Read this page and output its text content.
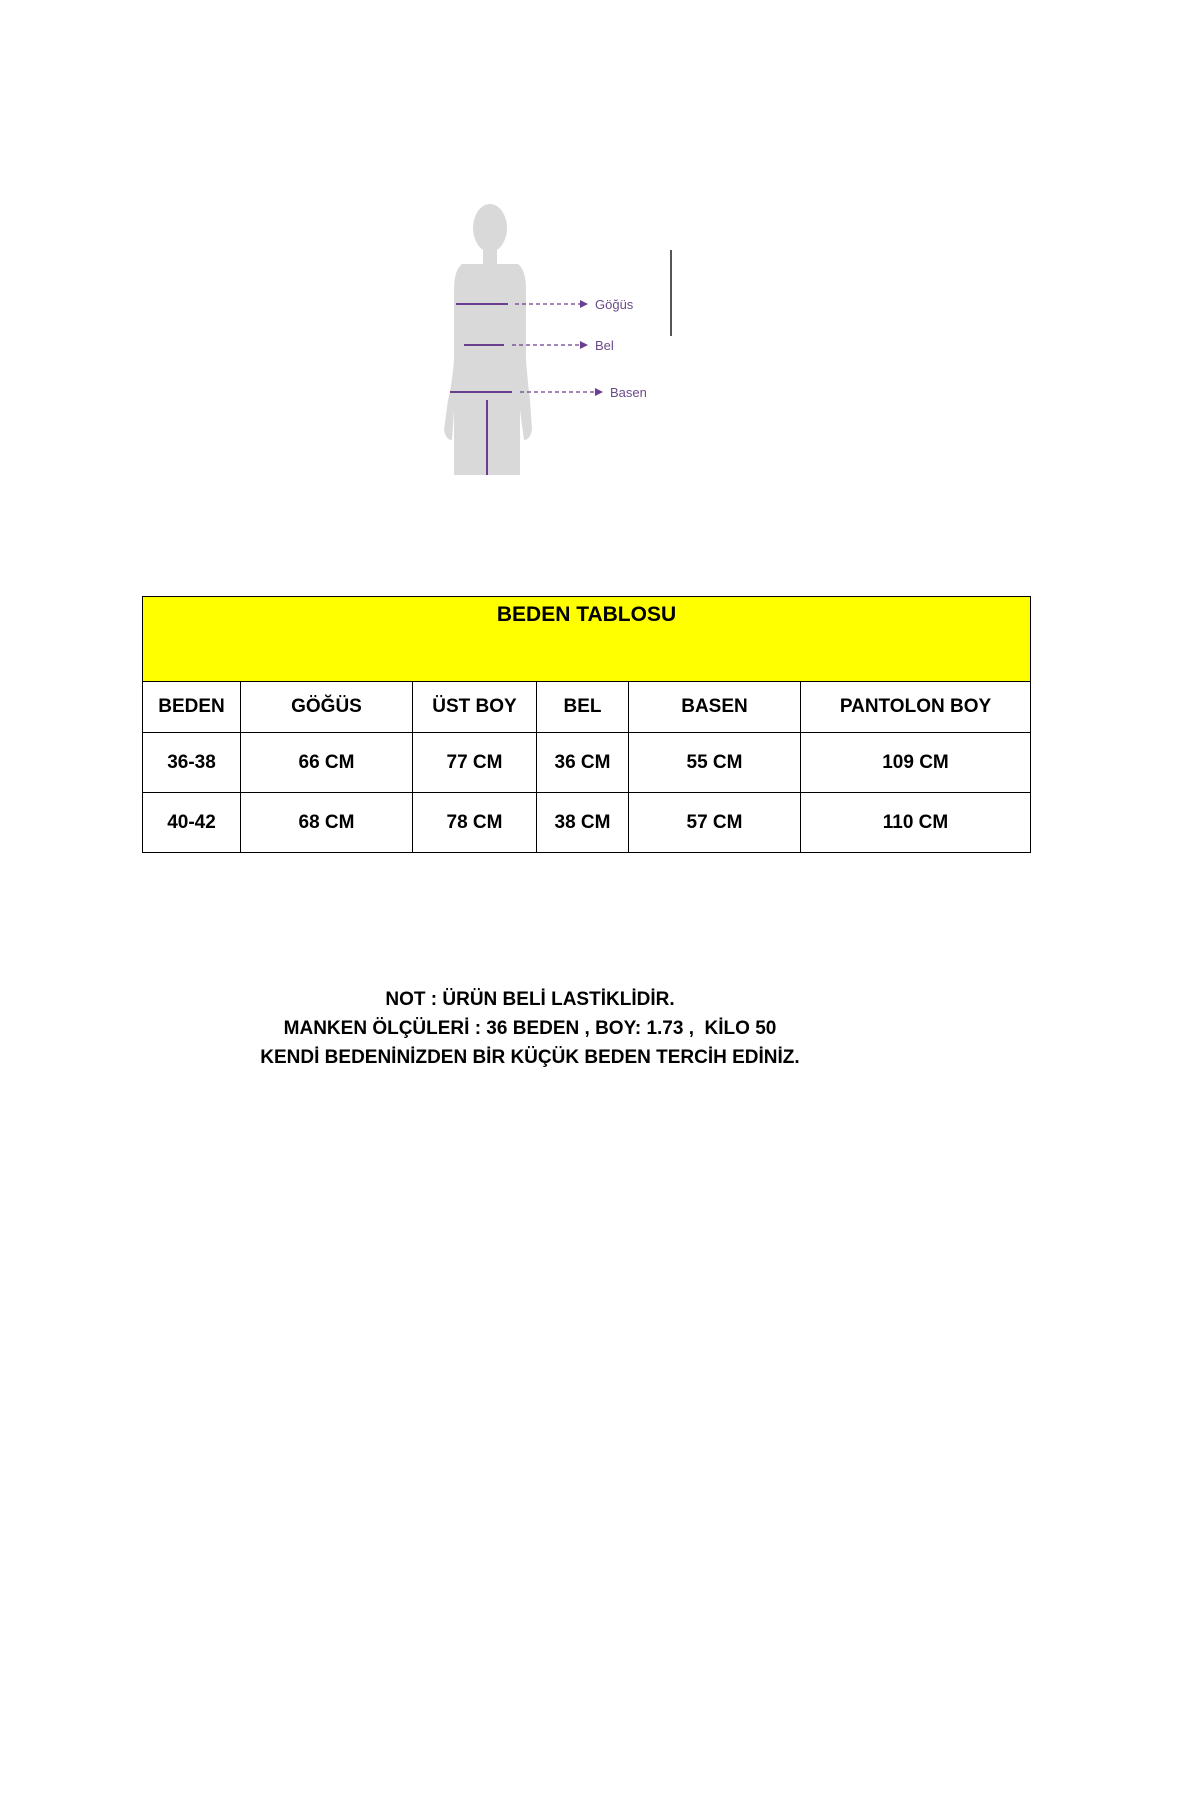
Göğüs
Bel
Basen
BEDEN TABLOSU					
BEDEN	GÖĞÜS	ÜST BOY	BEL	BASEN	PANTOLON BOY
36-38	66 CM	77 CM	36 CM	55 CM	109 CM
40-42	68 CM	78 CM	38 CM	57 CM	110 CM
NOT : ÜRÜN BELİ LASTİKLİDİR.
MANKEN ÖLÇÜLERİ : 36 BEDEN , BOY: 1.73 ,  KİLO 50
KENDİ BEDENİNİZDEN BİR KÜÇÜK BEDEN TERCİH EDİNİZ.
